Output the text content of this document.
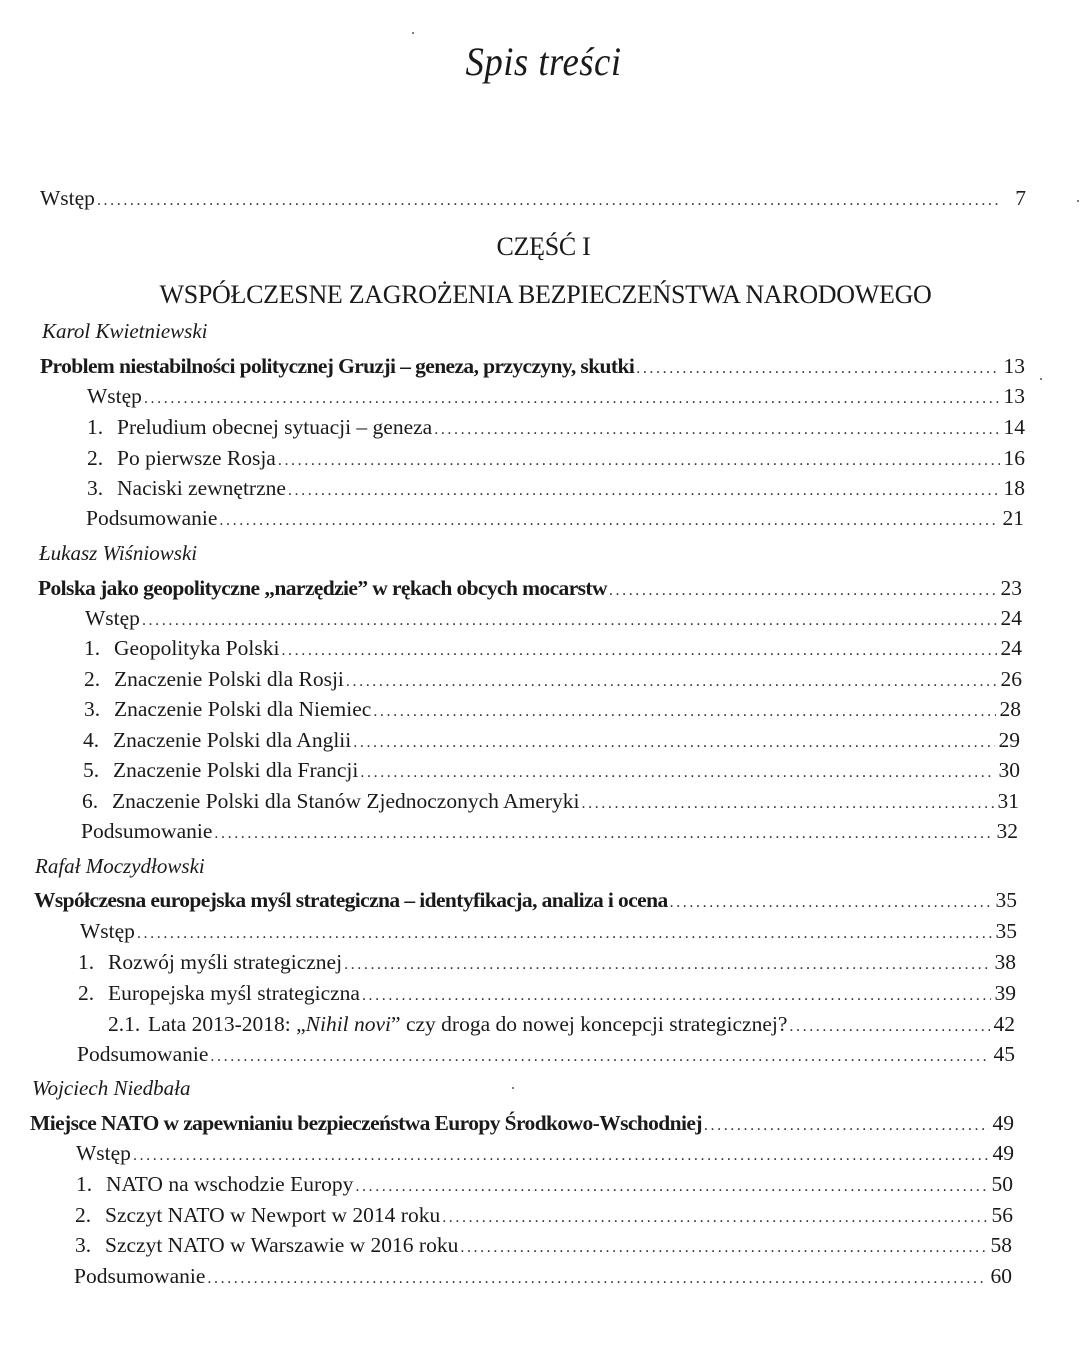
Spis treści
Wstęp .....	7
CZĘŚĆ I
WSPÓŁCZESNE ZAGROŻENIA BEZPIECZEŃSTWA NARODOWEGO
Karol Kwietniewski
Problem niestabilności politycznej Gruzji – geneza, przyczyny, skutki .....	13
Wstęp .....	13
1. Preludium obecnej sytuacji – geneza .....	14
2. Po pierwsze Rosja .....	16
3. Naciski zewnętrzne .....	18
Podsumowanie .....	21
Łukasz Wiśniowski
Polska jako geopolityczne „narzędzie” w rękach obcych mocarstw .....	23
Wstęp .....	24
1. Geopolityka Polski .....	24
2. Znaczenie Polski dla Rosji .....	26
3. Znaczenie Polski dla Niemiec .....	28
4. Znaczenie Polski dla Anglii .....	29
5. Znaczenie Polski dla Francji .....	30
6. Znaczenie Polski dla Stanów Zjednoczonych Ameryki .....	31
Podsumowanie .....	32
Rafał Moczydłowski
Współczesna europejska myśl strategiczna – identyfikacja, analiza i ocena .....	35
Wstęp .....	35
1. Rozwój myśli strategicznej .....	38
2. Europejska myśl strategiczna .....	39
2.1. Lata 2013-2018: „Nihil novi” czy droga do nowej koncepcji strategicznej? .....	42
Podsumowanie .....	45
Wojciech Niedbała
Miejsce NATO w zapewnianiu bezpieczeństwa Europy Środkowo-Wschodniej .....	49
Wstęp .....	49
1. NATO na wschodzie Europy .....	50
2. Szczyt NATO w Newport w 2014 roku .....	56
3. Szczyt NATO w Warszawie w 2016 roku .....	58
Podsumowanie .....	60
